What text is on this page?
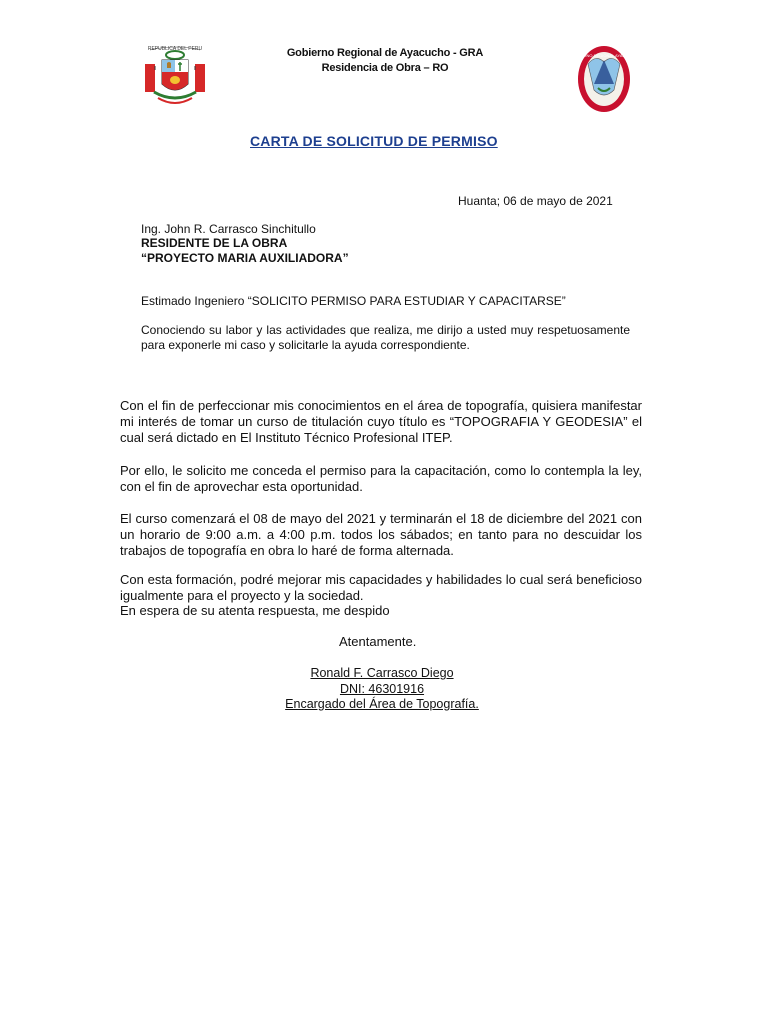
REPUBLICA DEL PERU	Gobierno Regional de Ayacucho - GRA
Residencia de Obra – RO
GOBIERNO REGIONAL AYACUCHO
CARTA DE SOLICITUD DE PERMISO
Huanta; 06 de mayo de 2021
Ing. John R. Carrasco Sinchitullo
RESIDENTE DE LA OBRA
“PROYECTO MARIA AUXILIADORA”
Estimado Ingeniero “SOLICITO PERMISO PARA ESTUDIAR Y CAPACITARSE”
Conociendo su labor y las actividades que realiza, me dirijo a usted muy respetuosamente para exponerle mi caso y solicitarle la ayuda correspondiente.
Con el fin de perfeccionar mis conocimientos en el área de topografía, quisiera manifestar mi interés de tomar un curso de titulación cuyo título es “TOPOGRAFIA Y GEODESIA” el cual será dictado en El Instituto Técnico Profesional ITEP.
Por ello, le solicito me conceda el permiso para la capacitación, como lo contempla la ley, con el fin de aprovechar esta oportunidad.
El curso comenzará el 08 de mayo del 2021 y terminarán el 18 de diciembre del 2021 con un horario de 9:00 a.m. a 4:00 p.m. todos los sábados; en tanto para no descuidar los trabajos de topografía en obra lo haré de forma alternada.
Con esta formación, podré mejorar mis capacidades y habilidades lo cual será beneficioso igualmente para el proyecto y la sociedad.
En espera de su atenta respuesta, me despido
Atentamente.
Ronald F. Carrasco Diego
DNI: 46301916
Encargado del Área de Topografía.
